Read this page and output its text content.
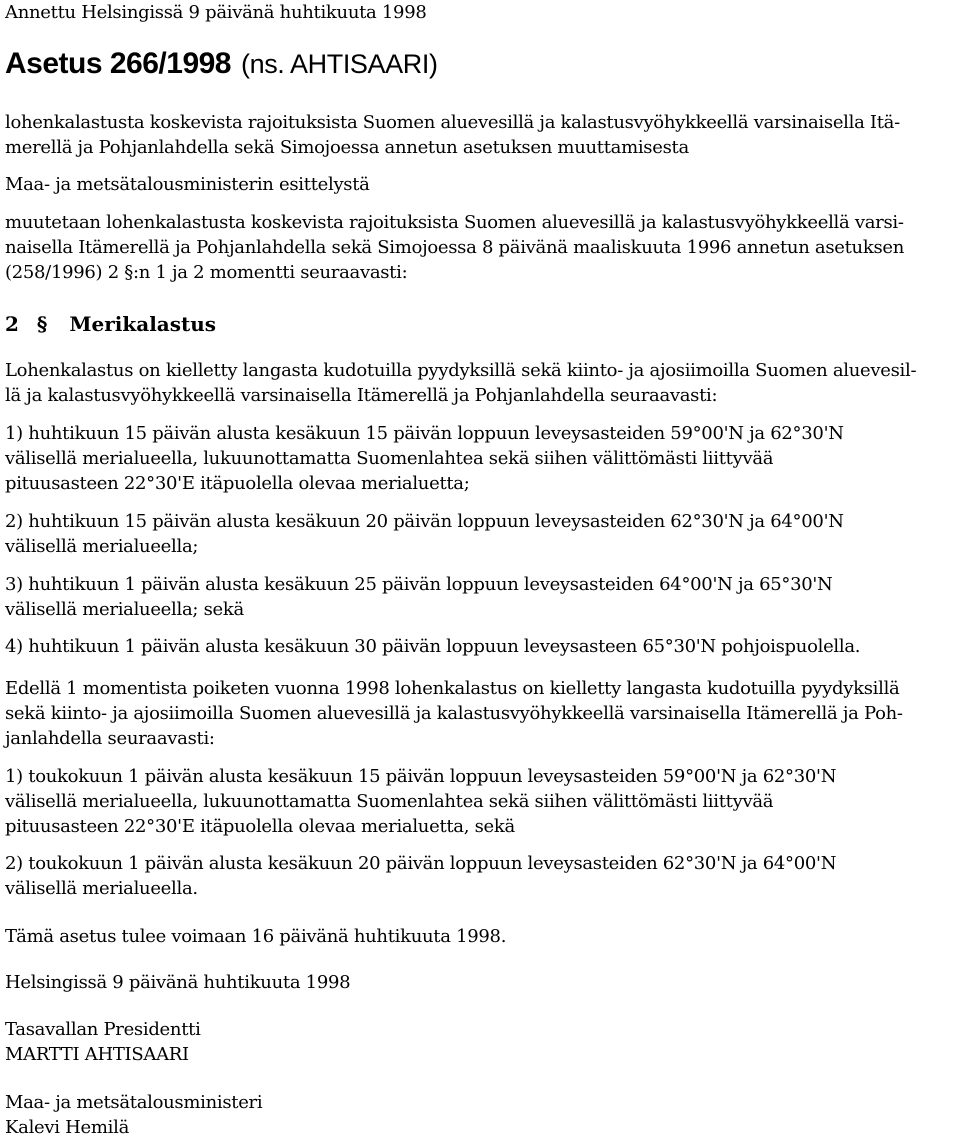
Annettu Helsingissä 9 päivänä huhtikuuta 1998
Asetus 266/1998 (ns. AHTISAARI)
lohenkalastusta koskevista rajoituksista Suomen aluevesillä ja kalastusvyöhykkeellä varsinaisella Itä-
merellä ja Pohjanlahdella sekä Simojoessa annetun asetuksen muuttamisesta
Maa- ja metsätalousministerin esittelystä
muutetaan lohenkalastusta koskevista rajoituksista Suomen aluevesillä ja kalastusvyöhykkeellä varsi-
naisella Itämerellä ja Pohjanlahdella sekä Simojoessa 8 päivänä maaliskuuta 1996 annetun asetuksen
(258/1996) 2 §:n 1 ja 2 momentti seuraavasti:
2 § Merikalastus
Lohenkalastus on kielletty langasta kudotuilla pyydyksillä sekä kiinto- ja ajosiimoilla Suomen aluevesil-
lä ja kalastusvyöhykkeellä varsinaisella Itämerellä ja Pohjanlahdella seuraavasti:
1) huhtikuun 15 päivän alusta kesäkuun 15 päivän loppuun leveysasteiden 59°00'N ja 62°30'N
välisellä merialueella, lukuunottamatta Suomenlahtea sekä siihen välittömästi liittyvää
pituusasteen 22°30'E itäpuolella olevaa merialuetta;
2) huhtikuun 15 päivän alusta kesäkuun 20 päivän loppuun leveysasteiden 62°30'N ja 64°00'N
välisellä merialueella;
3) huhtikuun 1 päivän alusta kesäkuun 25 päivän loppuun leveysasteiden 64°00'N ja 65°30'N
välisellä merialueella; sekä
4) huhtikuun 1 päivän alusta kesäkuun 30 päivän loppuun leveysasteen 65°30'N pohjoispuolella.
Edellä 1 momentista poiketen vuonna 1998 lohenkalastus on kielletty langasta kudotuilla pyydyksillä
sekä kiinto- ja ajosiimoilla Suomen aluevesillä ja kalastusvyöhykkeellä varsinaisella Itämerellä ja Poh-
janlahdella seuraavasti:
1) toukokuun 1 päivän alusta kesäkuun 15 päivän loppuun leveysasteiden 59°00'N ja 62°30'N
välisellä merialueella, lukuunottamatta Suomenlahtea sekä siihen välittömästi liittyvää
pituusasteen 22°30'E itäpuolella olevaa merialuetta, sekä
2) toukokuun 1 päivän alusta kesäkuun 20 päivän loppuun leveysasteiden 62°30'N ja 64°00'N
välisellä merialueella.
Tämä asetus tulee voimaan 16 päivänä huhtikuuta 1998.
Helsingissä 9 päivänä huhtikuuta 1998
Tasavallan Presidentti
MARTTI AHTISAARI
Maa- ja metsätalousministeri
Kalevi Hemilä
